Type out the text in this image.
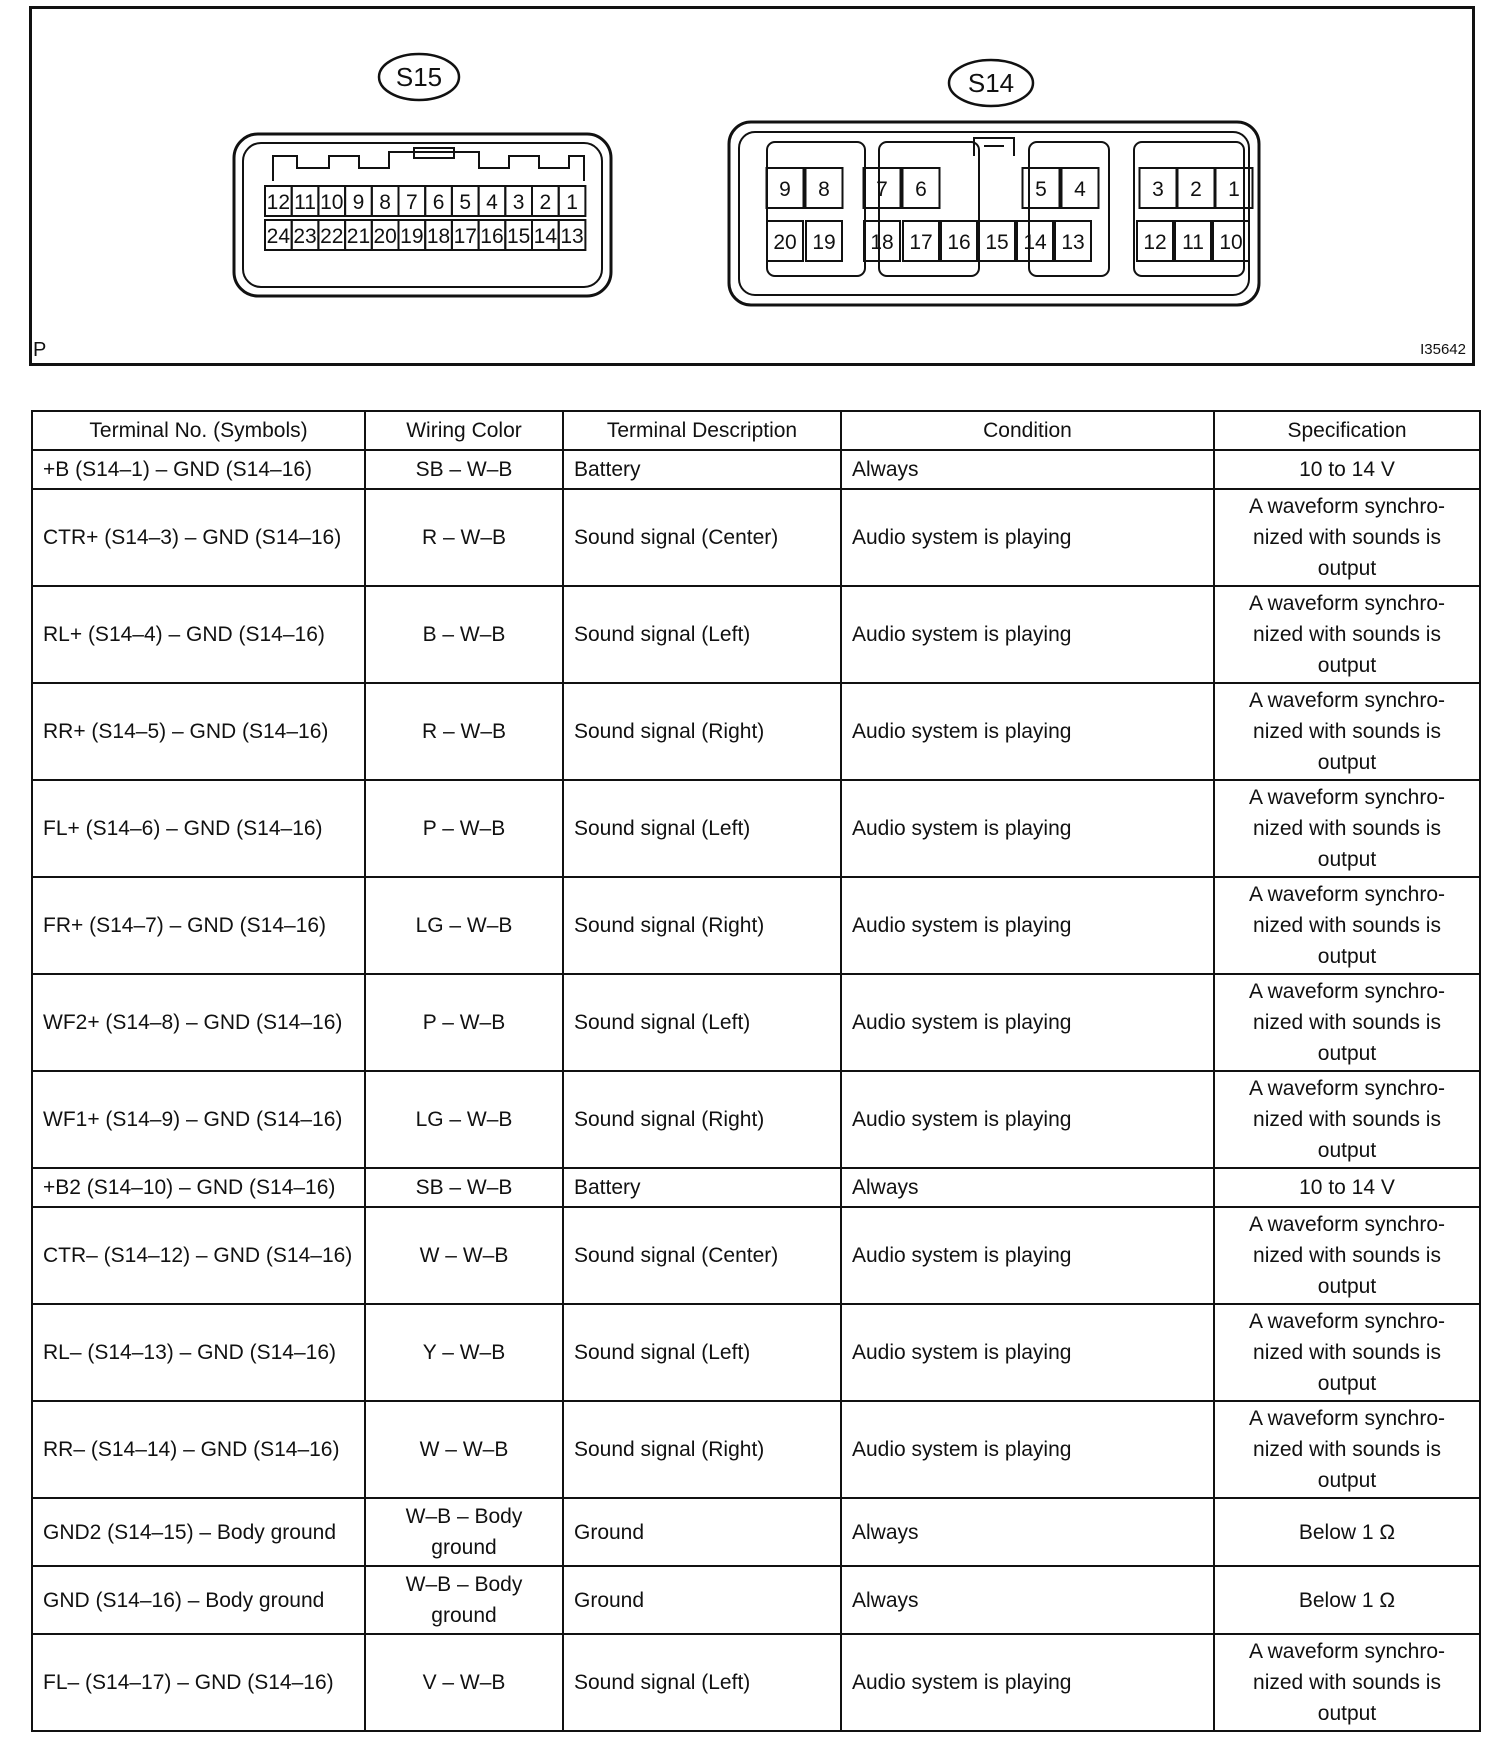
S15
12 11 10 9 8 7 6 5 4 3 2 1
24 23 22 21 20 19 18 17 16 15 14 13
S14
9 8 7 6	5 4	3 2 1
20 19 18 17 16 15 14 13	12 11 10
P	I35642
Terminal No. (Symbols)	Wiring Color	Terminal Description	Condition	Specification
+B (S14–1) – GND (S14–16)	SB – W–B	Battery	Always	10 to 14 V
CTR+ (S14–3) – GND (S14–16)	R – W–B	Sound signal (Center)	Audio system is playing	A waveform synchro-nized with sounds is output
RL+ (S14–4) – GND (S14–16)	B – W–B	Sound signal (Left)	Audio system is playing	A waveform synchro-nized with sounds is output
RR+ (S14–5) – GND (S14–16)	R – W–B	Sound signal (Right)	Audio system is playing	A waveform synchro-nized with sounds is output
FL+ (S14–6) – GND (S14–16)	P – W–B	Sound signal (Left)	Audio system is playing	A waveform synchro-nized with sounds is output
FR+ (S14–7) – GND (S14–16)	LG – W–B	Sound signal (Right)	Audio system is playing	A waveform synchro-nized with sounds is output
WF2+ (S14–8) – GND (S14–16)	P – W–B	Sound signal (Left)	Audio system is playing	A waveform synchro-nized with sounds is output
WF1+ (S14–9) – GND (S14–16)	LG – W–B	Sound signal (Right)	Audio system is playing	A waveform synchro-nized with sounds is output
+B2 (S14–10) – GND (S14–16)	SB – W–B	Battery	Always	10 to 14 V
CTR– (S14–12) – GND (S14–16)	W – W–B	Sound signal (Center)	Audio system is playing	A waveform synchro-nized with sounds is output
RL– (S14–13) – GND (S14–16)	Y – W–B	Sound signal (Left)	Audio system is playing	A waveform synchro-nized with sounds is output
RR– (S14–14) – GND (S14–16)	W – W–B	Sound signal (Right)	Audio system is playing	A waveform synchro-nized with sounds is output
GND2 (S14–15) – Body ground	W–B – Body ground	Ground	Always	Below 1 Ω
GND (S14–16) – Body ground	W–B – Body ground	Ground	Always	Below 1 Ω
FL– (S14–17) – GND (S14–16)	V – W–B	Sound signal (Left)	Audio system is playing	A waveform synchro-nized with sounds is output
